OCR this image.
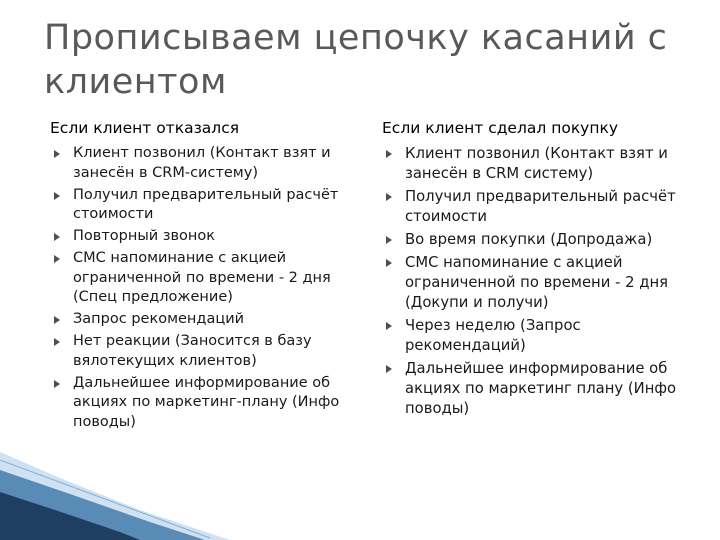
Прописываем цепочку касаний с клиентом
Если клиент отказался
Клиент позвонил (Контакт взят и занесён в CRM-систему)
Получил предварительный расчёт стоимости
Повторный звонок
СМС напоминание с акцией ограниченной по времени - 2 дня (Спец предложение)
Запрос рекомендаций
Нет реакции (Заносится в базу вялотекущих клиентов)
Дальнейшее информирование об акциях по маркетинг-плану (Инфо поводы)
Если клиент сделал покупку
Клиент позвонил (Контакт взят и занесён в CRM систему)
Получил предварительный расчёт стоимости
Во время покупки (Допродажа)
СМС напоминание с акцией ограниченной по времени - 2 дня (Докупи и получи)
Через неделю (Запрос рекомендаций)
Дальнейшее информирование об акциях по маркетинг плану (Инфо поводы)
